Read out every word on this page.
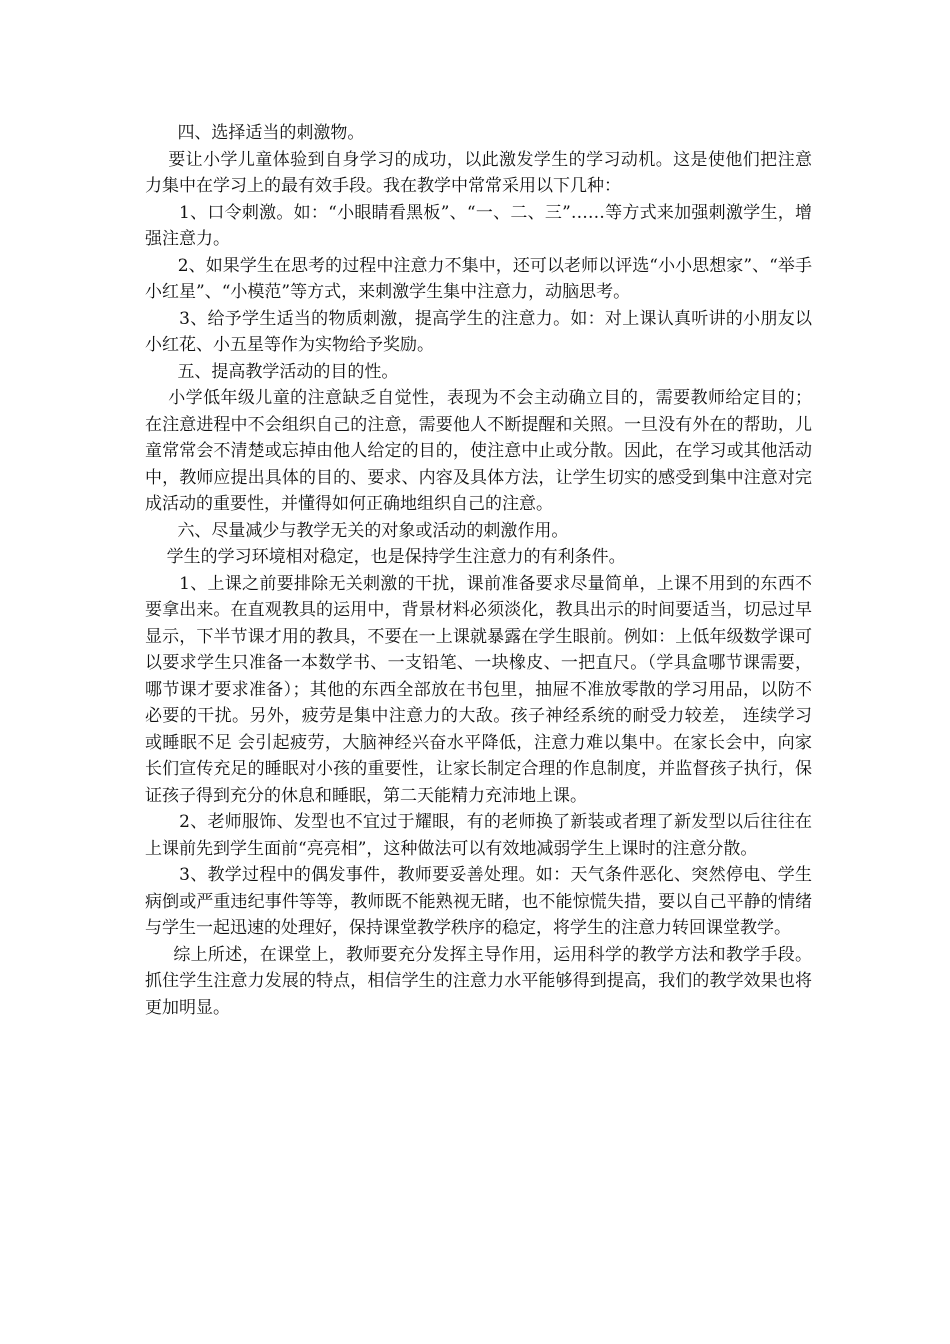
四、选择适当的刺激物。

要让小学儿童体验到自身学习的成功，以此激发学生的学习动机。这是使他们把注意力集中在学习上的最有效手段。我在教学中常常采用以下几种：

1、口令刺激。如：“小眼睛看黑板”、“一、二、三”……等方式来加强刺激学生，增强注意力。

2、如果学生在思考的过程中注意力不集中，还可以老师以评选“小小思想家”、“举手小红星”、“小模范”等方式，来刺激学生集中注意力，动脑思考。

3、给予学生适当的物质刺激，提高学生的注意力。如：对上课认真听讲的小朋友以小红花、小五星等作为实物给予奖励。

五、提高教学活动的目的性。

小学低年级儿童的注意缺乏自觉性，表现为不会主动确立目的，需要教师给定目的；在注意进程中不会组织自己的注意，需要他人不断提醒和关照。一旦没有外在的帮助，儿童常常会不清楚或忘掉由他人给定的目的，使注意中止或分散。因此，在学习或其他活动中，教师应提出具体的目的、要求、内容及具体方法，让学生切实的感受到集中注意对完成活动的重要性，并懂得如何正确地组织自己的注意。

六、尽量减少与教学无关的对象或活动的刺激作用。

学生的学习环境相对稳定，也是保持学生注意力的有利条件。

1、上课之前要排除无关刺激的干扰，课前准备要求尽量简单，上课不用到的东西不要拿出来。在直观教具的运用中，背景材料必须淡化，教具出示的时间要适当，切忌过早显示，下半节课才用的教具，不要在一上课就暴露在学生眼前。例如：上低年级数学课可以要求学生只准备一本数学书、一支铅笔、一块橡皮、一把直尺。（学具盒哪节课需要，哪节课才要求准备）；其他的东西全部放在书包里，抽屉不准放零散的学习用品，以防不必要的干扰。另外，疲劳是集中注意力的大敌。孩子神经系统的耐受力较差， 连续学习或睡眠不足 会引起疲劳，大脑神经兴奋水平降低，注意力难以集中。在家长会中，向家长们宣传充足的睡眠对小孩的重要性，让家长制定合理的作息制度，并监督孩子执行，保证孩子得到充分的休息和睡眠，第二天能精力充沛地上课。

2、老师服饰、发型也不宜过于耀眼，有的老师换了新装或者理了新发型以后往往在上课前先到学生面前“亮亮相”，这种做法可以有效地减弱学生上课时的注意分散。

3、教学过程中的偶发事件，教师要妥善处理。如：天气条件恶化、突然停电、学生病倒或严重违纪事件等等，教师既不能熟视无睹，也不能惊慌失措，要以自己平静的情绪与学生一起迅速的处理好，保持课堂教学秩序的稳定，将学生的注意力转回课堂教学。

综上所述，在课堂上，教师要充分发挥主导作用，运用科学的教学方法和教学手段。抓住学生注意力发展的特点，相信学生的注意力水平能够得到提高，我们的教学效果也将更加明显。
